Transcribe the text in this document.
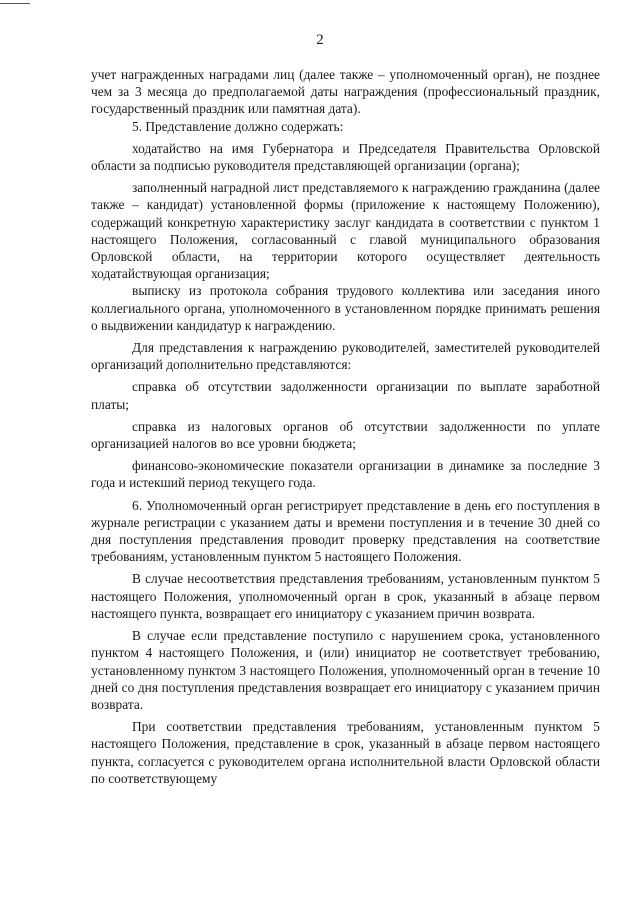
2

учет награжденных наградами лиц (далее также – уполномоченный орган), не позднее чем за 3 месяца до предполагаемой даты награждения (профессиональный праздник, государственный праздник или памятная дата).

5. Представление должно содержать:

ходатайство на имя Губернатора и Председателя Правительства Орловской области за подписью руководителя представляющей организации (органа);

заполненный наградной лист представляемого к награждению гражданина (далее также – кандидат) установленной формы (приложение к настоящему Положению), содержащий конкретную характеристику заслуг кандидата в соответствии с пунктом 1 настоящего Положения, согласованный с главой муниципального образования Орловской области, на территории которого осуществляет деятельность ходатайствующая организация;

выписку из протокола собрания трудового коллектива или заседания иного коллегиального органа, уполномоченного в установленном порядке принимать решения о выдвижении кандидатур к награждению.

Для представления к награждению руководителей, заместителей руководителей организаций дополнительно представляются:

справка об отсутствии задолженности организации по выплате заработной платы;

справка из налоговых органов об отсутствии задолженности по уплате организацией налогов во все уровни бюджета;

финансово-экономические показатели организации в динамике за последние 3 года и истекший период текущего года.

6. Уполномоченный орган регистрирует представление в день его поступления в журнале регистрации с указанием даты и времени поступления и в течение 30 дней со дня поступления представления проводит проверку представления на соответствие требованиям, установленным пунктом 5 настоящего Положения.

В случае несоответствия представления требованиям, установленным пунктом 5 настоящего Положения, уполномоченный орган в срок, указанный в абзаце первом настоящего пункта, возвращает его инициатору с указанием причин возврата.

В случае если представление поступило с нарушением срока, установленного пунктом 4 настоящего Положения, и (или) инициатор не соответствует требованию, установленному пунктом 3 настоящего Положения, уполномоченный орган в течение 10 дней со дня поступления представления возвращает его инициатору с указанием причин возврата.

При соответствии представления требованиям, установленным пунктом 5 настоящего Положения, представление в срок, указанный в абзаце первом настоящего пункта, согласуется с руководителем органа исполнительной власти Орловской области по соответствующему
